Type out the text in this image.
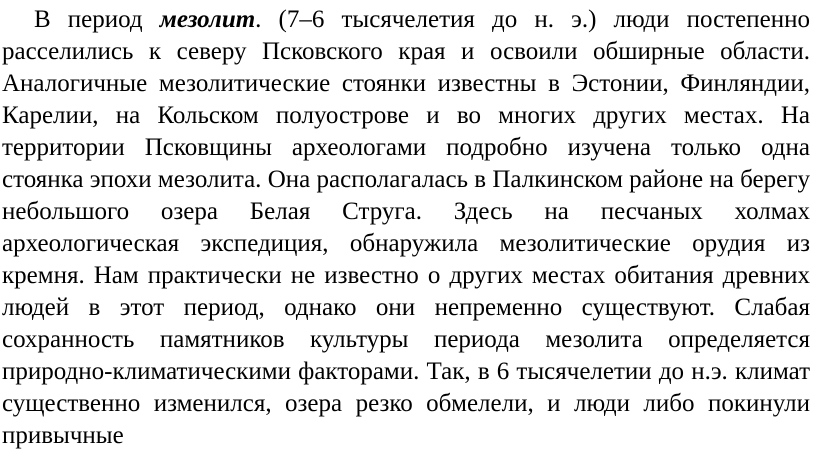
В период мезолит. (7–6 тысячелетия до н. э.) люди постепенно расселились к северу Псковского края и освоили обширные области. Аналогичные мезолитические стоянки известны в Эстонии, Финляндии, Карелии, на Кольском полуострове и во многих других местах. На территории Псковщины археологами подробно изучена только одна стоянка эпохи мезолита. Она располагалась в Палкинском районе на берегу небольшого озера Белая Струга. Здесь на песчаных холмах археологическая экспедиция, обнаружила мезолитические орудия из кремня. Нам практически не известно о других местах обитания древних людей в этот период, однако они непременно существуют. Слабая сохранность памятников культуры периода мезолита определяется природно-климатическими факторами. Так, в 6 тысячелетии до н.э. климат существенно изменился, озера резко обмелели, и люди либо покинули привычные
